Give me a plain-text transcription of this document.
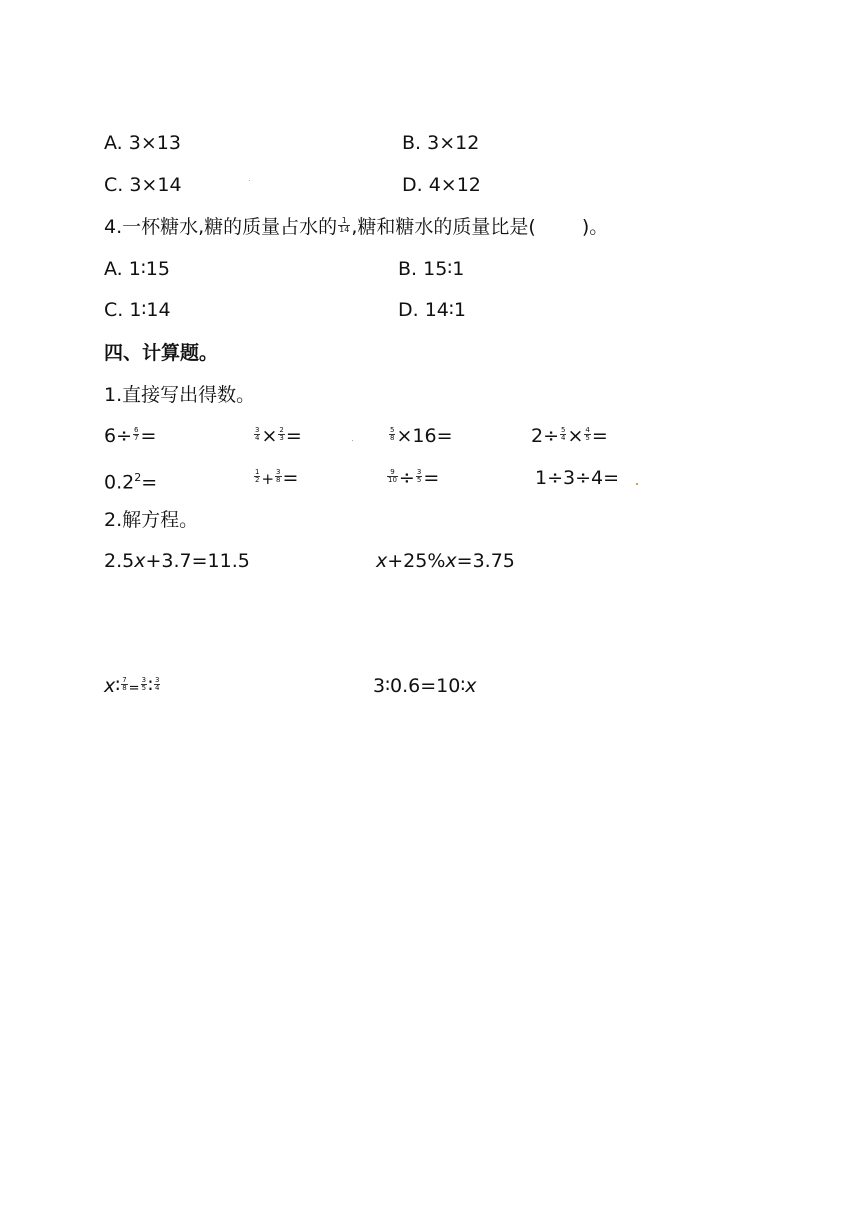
A. 3×13	B. 3×12
C. 3×14	D. 4×12
4.一杯糖水,糖的质量占水的 $\frac{1}{14}$ ,糖和糖水的质量比是( )。
A. 1∶15	B. 15∶1
C. 1∶14	D. 14∶1
四、计算题。
1.直接写出得数。
$6\div \frac{6}{7}$ =	$\frac{3}{4} \times \frac{2}{3}$ =	$\frac{5}{8} \times 16=$	$2\div \frac{5}{4} \times \frac{4}{5}$ =
$0.2^2=$	$\frac{1}{2} + \frac{3}{8}$ =	$\frac{9}{10} \div \frac{3}{5}$ =	1÷3÷4=
2.解方程。
2.5x+3.7=11.5	x+25%x=3.75
x∶ $\frac{7}{8} = \frac{3}{5}$ ∶ $\frac{3}{4}$	3∶0.6=10∶x
